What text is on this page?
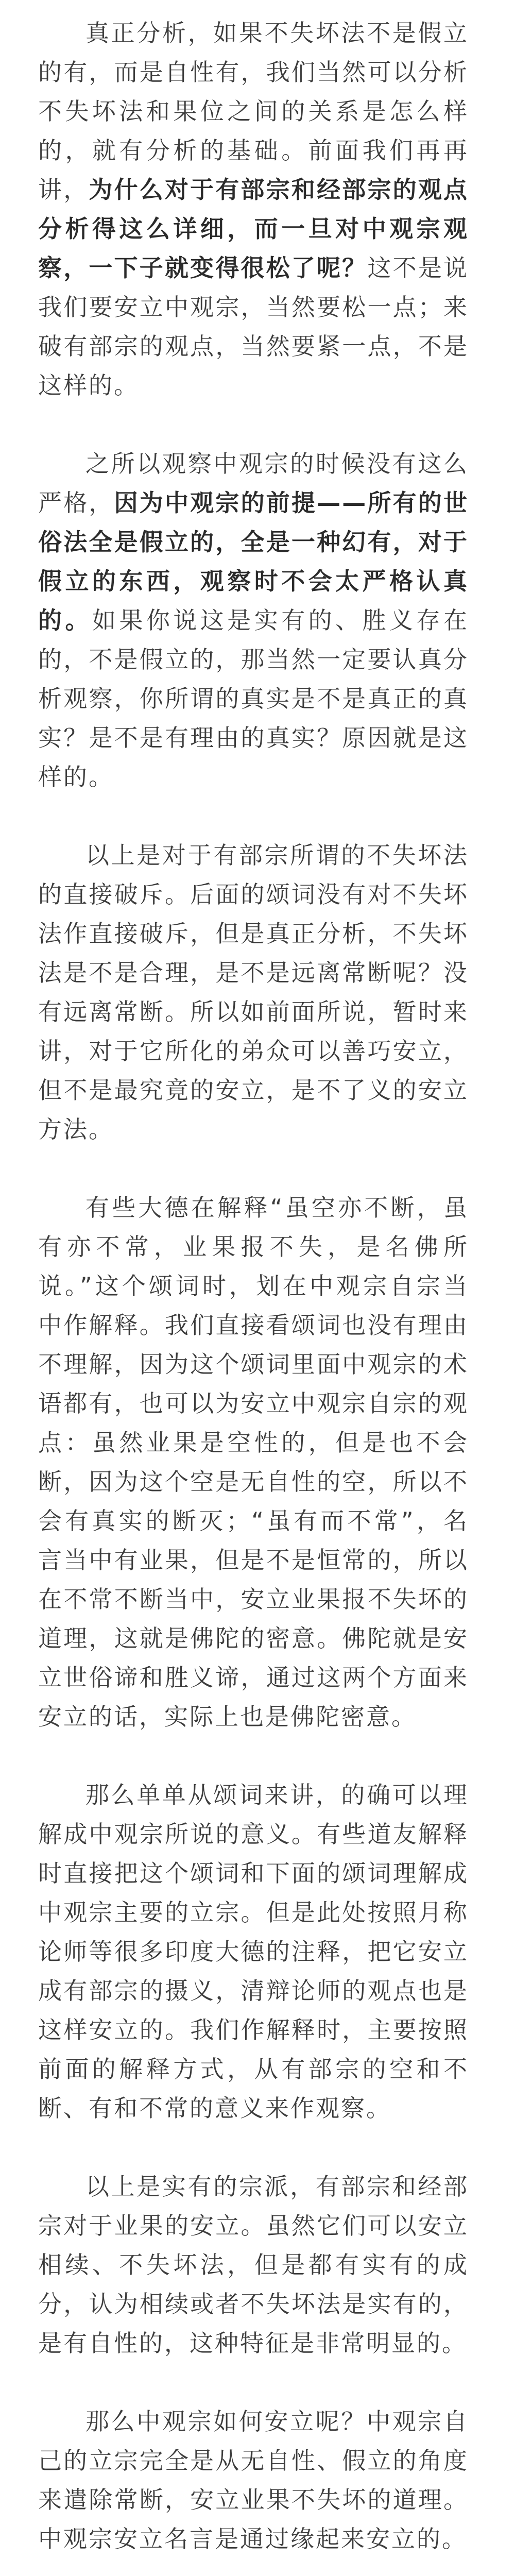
真正分析，如果不失坏法不是假立的有，而是自性有，我们当然可以分析不失坏法和果位之间的关系是怎么样的，就有分析的基础。前面我们再再讲，为什么对于有部宗和经部宗的观点分析得这么详细，而一旦对中观宗观察，一下子就变得很松了呢？这不是说我们要安立中观宗，当然要松一点；来破有部宗的观点，当然要紧一点，不是这样的。

之所以观察中观宗的时候没有这么严格，因为中观宗的前提——所有的世俗法全是假立的，全是一种幻有，对于假立的东西，观察时不会太严格认真的。如果你说这是实有的、胜义存在的，不是假立的，那当然一定要认真分析观察，你所谓的真实是不是真正的真实？是不是有理由的真实？原因就是这样的。

以上是对于有部宗所谓的不失坏法的直接破斥。后面的颂词没有对不失坏法作直接破斥，但是真正分析，不失坏法是不是合理，是不是远离常断呢？没有远离常断。所以如前面所说，暂时来讲，对于它所化的弟众可以善巧安立，但不是最究竟的安立，是不了义的安立方法。

有些大德在解释“虽空亦不断，虽有亦不常，业果报不失，是名佛所说。”这个颂词时，划在中观宗自宗当中作解释。我们直接看颂词也没有理由不理解，因为这个颂词里面中观宗的术语都有，也可以为安立中观宗自宗的观点：虽然业果是空性的，但是也不会断，因为这个空是无自性的空，所以不会有真实的断灭；“虽有而不常”，名言当中有业果，但是不是恒常的，所以在不常不断当中，安立业果报不失坏的道理，这就是佛陀的密意。佛陀就是安立世俗谛和胜义谛，通过这两个方面来安立的话，实际上也是佛陀密意。

那么单单从颂词来讲，的确可以理解成中观宗所说的意义。有些道友解释时直接把这个颂词和下面的颂词理解成中观宗主要的立宗。但是此处按照月称论师等很多印度大德的注释，把它安立成有部宗的摄义，清辩论师的观点也是这样安立的。我们作解释时，主要按照前面的解释方式，从有部宗的空和不断、有和不常的意义来作观察。

以上是实有的宗派，有部宗和经部宗对于业果的安立。虽然它们可以安立相续、不失坏法，但是都有实有的成分，认为相续或者不失坏法是实有的，是有自性的，这种特征是非常明显的。

那么中观宗如何安立呢？中观宗自己的立宗完全是从无自性、假立的角度来遣除常断，安立业果不失坏的道理。中观宗安立名言是通过缘起来安立的。
